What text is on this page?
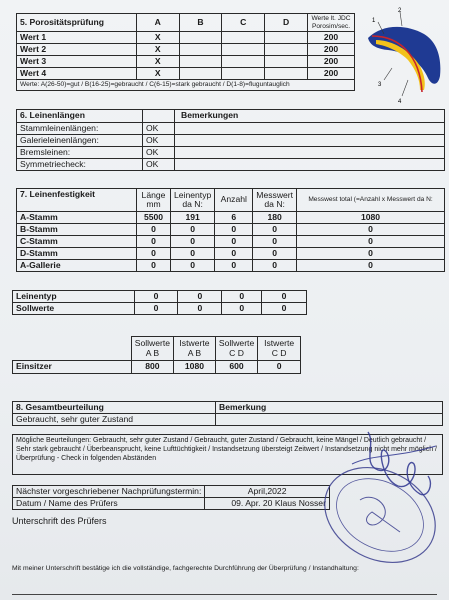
5. Porositätsprüfung	A	B	C	D	Werte lt. JDC Porosim/sec.
Wert 1	X				200
Wert 2	X				200
Wert 3	X				200
Wert 4	X				200
Werte: A(26-50)=gut / B(16-25)=gebraucht / C(6-15)=stark gebraucht / D(1-8)=fluguntauglich					
1
2
3
4
6. Leinenlängen		Bemerkungen
Stammleinenlängen:	OK	
Galerieleinenlängen:	OK	
Bremsleinen:	OK	
Symmetriecheck:	OK	
7. Leinenfestigkeit	Länge mm	Leinentyp da N:	Anzahl	Messwert da N:	Messwest total (=Anzahl x Messwert da N:
A-Stamm	5500	191	6	180	1080
B-Stamm	0	0	0	0	0
C-Stamm	0	0	0	0	0
D-Stamm	0	0	0	0	0
A-Gallerie	0	0	0	0	0
Leinentyp	0	0	0	0
Sollwerte	0	0	0	0
	Sollwerte A B	Istwerte A B	Sollwerte C D	Istwerte C D
Einsitzer	800	1080	600	0
8. Gesamtbeurteilung	Bemerkung
Gebraucht, sehr guter Zustand	
Mögliche Beurteilungen: Gebraucht, sehr guter Zustand / Gebraucht, guter Zustand / Gebraucht, keine Mängel / Deutlich gebraucht / Sehr stark gebraucht / Überbeansprucht, keine Lufttüchtigkeit / Instandsetzung übersteigt Zeitwert / Instandsetzung nicht mehr möglich / Überprüfung - Check in folgenden Abständen
Nächster vorgeschriebener Nachprüfungstermin:	April,2022
Datum / Name des Prüfers	09. Apr. 20 Klaus Nosser
Unterschrift des Prüfers
Mit meiner Unterschrift bestätige ich die vollständige, fachgerechte Durchführung der Überprüfung / Instandhaltung:
